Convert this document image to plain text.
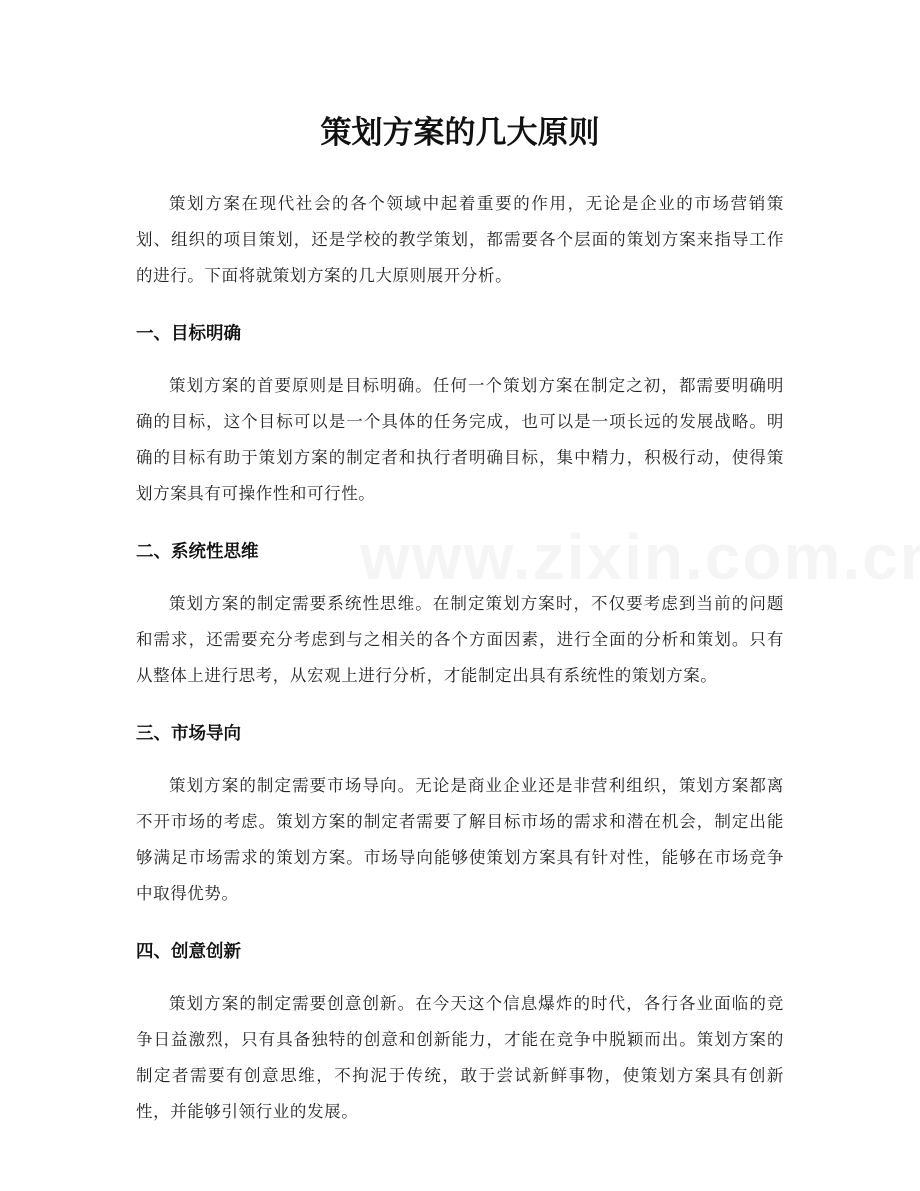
策划方案的几大原则

策划方案在现代社会的各个领域中起着重要的作用，无论是企业的市场营销策划、组织的项目策划，还是学校的教学策划，都需要各个层面的策划方案来指导工作的进行。下面将就策划方案的几大原则展开分析。

一、目标明确

策划方案的首要原则是目标明确。任何一个策划方案在制定之初，都需要明确明确的目标，这个目标可以是一个具体的任务完成，也可以是一项长远的发展战略。明确的目标有助于策划方案的制定者和执行者明确目标，集中精力，积极行动，使得策划方案具有可操作性和可行性。

二、系统性思维

策划方案的制定需要系统性思维。在制定策划方案时，不仅要考虑到当前的问题和需求，还需要充分考虑到与之相关的各个方面因素，进行全面的分析和策划。只有从整体上进行思考，从宏观上进行分析，才能制定出具有系统性的策划方案。

三、市场导向

策划方案的制定需要市场导向。无论是商业企业还是非营利组织，策划方案都离不开市场的考虑。策划方案的制定者需要了解目标市场的需求和潜在机会，制定出能够满足市场需求的策划方案。市场导向能够使策划方案具有针对性，能够在市场竞争中取得优势。

四、创意创新

策划方案的制定需要创意创新。在今天这个信息爆炸的时代，各行各业面临的竞争日益激烈，只有具备独特的创意和创新能力，才能在竞争中脱颖而出。策划方案的制定者需要有创意思维，不拘泥于传统，敢于尝试新鲜事物，使策划方案具有创新性，并能够引领行业的发展。
